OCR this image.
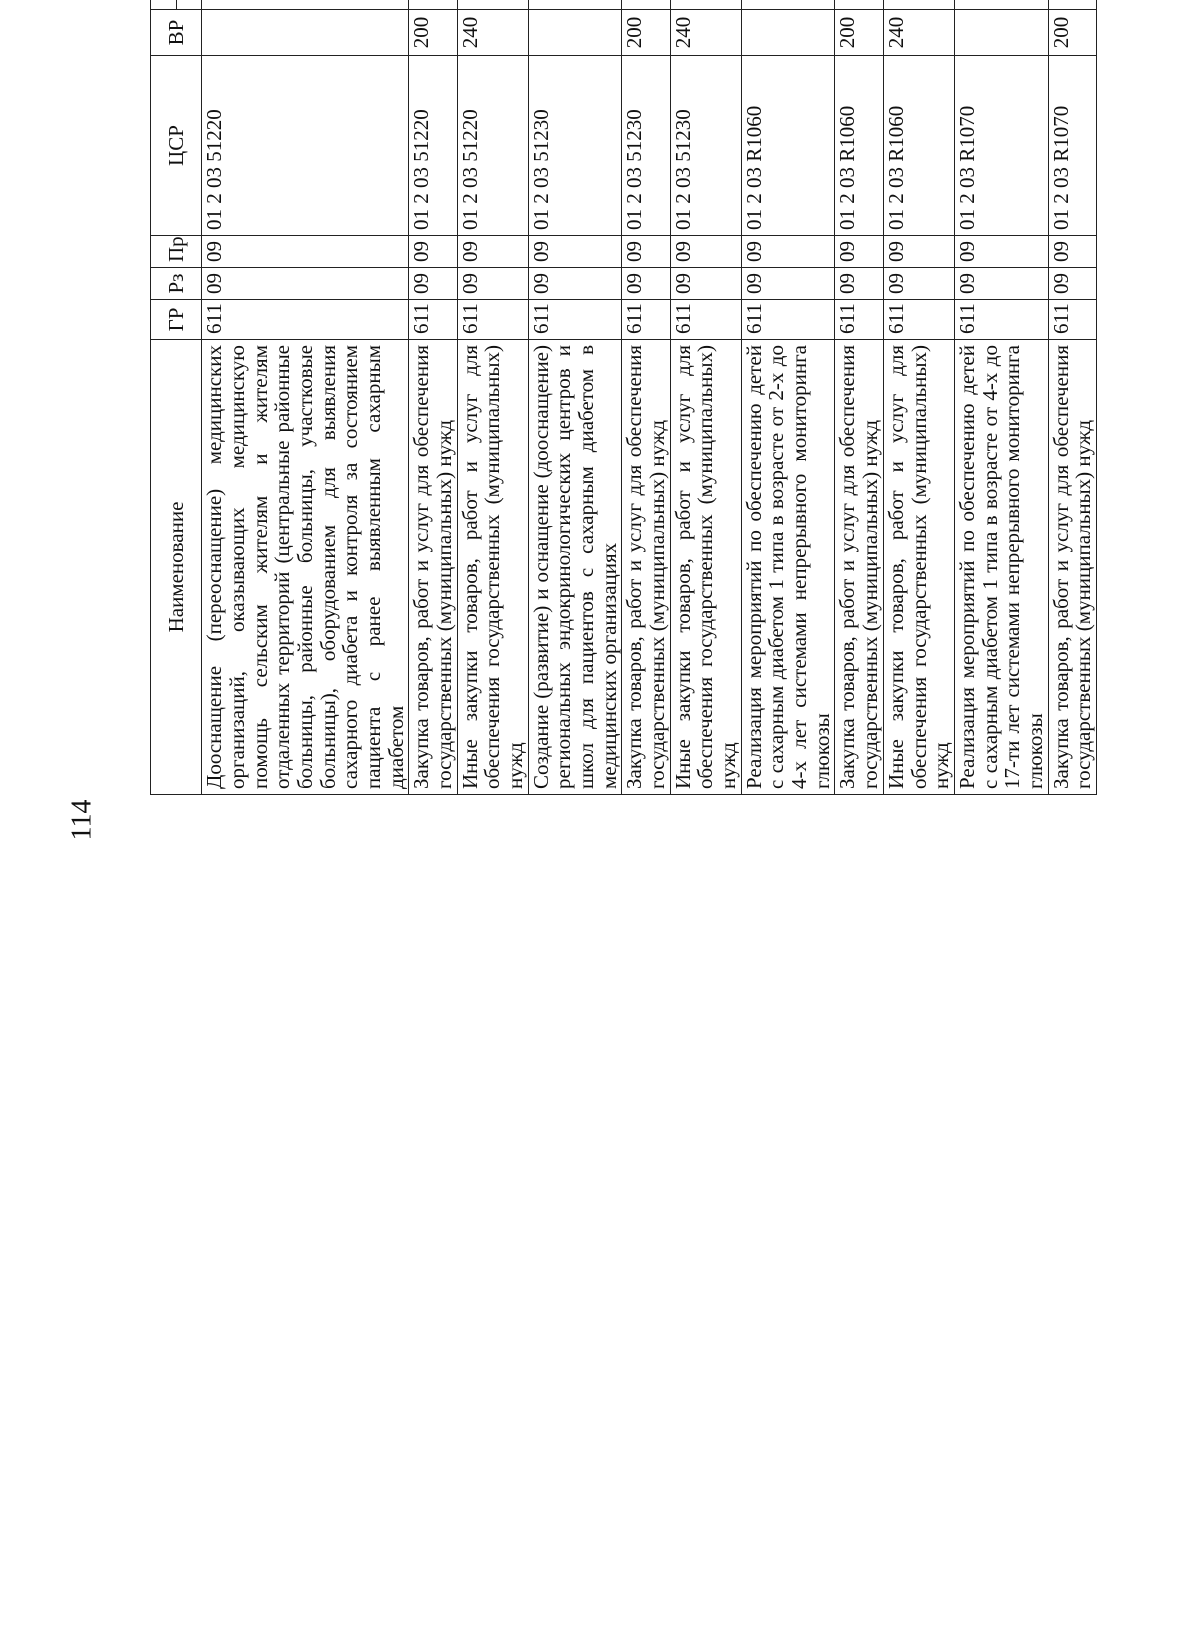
114
Наименование	ГР	Рз	Пр	ЦСР	ВР	

Дооснащение (переоснащение) медицинских организаций, оказывающих медицинскую помощь сельским жителям и жителям отдаленных территорий (центральные районные больницы, районные больницы, участковые больницы), оборудованием для выявления сахарного диабета и контроля за состоянием пациента с ранее выявленным сахарным диабетом	611	09	09	01 2 03 51220				
Закупка товаров, работ и услуг для обеспечения государственных (муниципальных) нужд	611	09	09	01 2 03 51220	200			
Иные закупки товаров, работ и услуг для обеспечения государственных (муниципальных) нужд	611	09	09	01 2 03 51220	240			
Создание (развитие) и оснащение (дооснащение) региональных эндокринологических центров и школ для пациентов с сахарным диабетом в медицинских организациях	611	09	09	01 2 03 51230				
Закупка товаров, работ и услуг для обеспечения государственных (муниципальных) нужд	611	09	09	01 2 03 51230	200			
Иные закупки товаров, работ и услуг для обеспечения государственных (муниципальных) нужд	611	09	09	01 2 03 51230	240			
Реализация мероприятий по обеспечению детей с сахарным диабетом 1 типа в возрасте от 2-х до 4-х лет системами непрерывного мониторинга глюкозы	611	09	09	01 2 03 R1060				
Закупка товаров, работ и услуг для обеспечения государственных (муниципальных) нужд	611	09	09	01 2 03 R1060	200			
Иные закупки товаров, работ и услуг для обеспечения государственных (муниципальных) нужд	611	09	09	01 2 03 R1060	240			
Реализация мероприятий по обеспечению детей с сахарным диабетом 1 типа в возрасте от 4-х до 17-ти лет системами непрерывного мониторинга глюкозы	611	09	09	01 2 03 R1070				
Закупка товаров, работ и услуг для обеспечения государственных (муниципальных) нужд	611	09	09	01 2 03 R1070	200			
